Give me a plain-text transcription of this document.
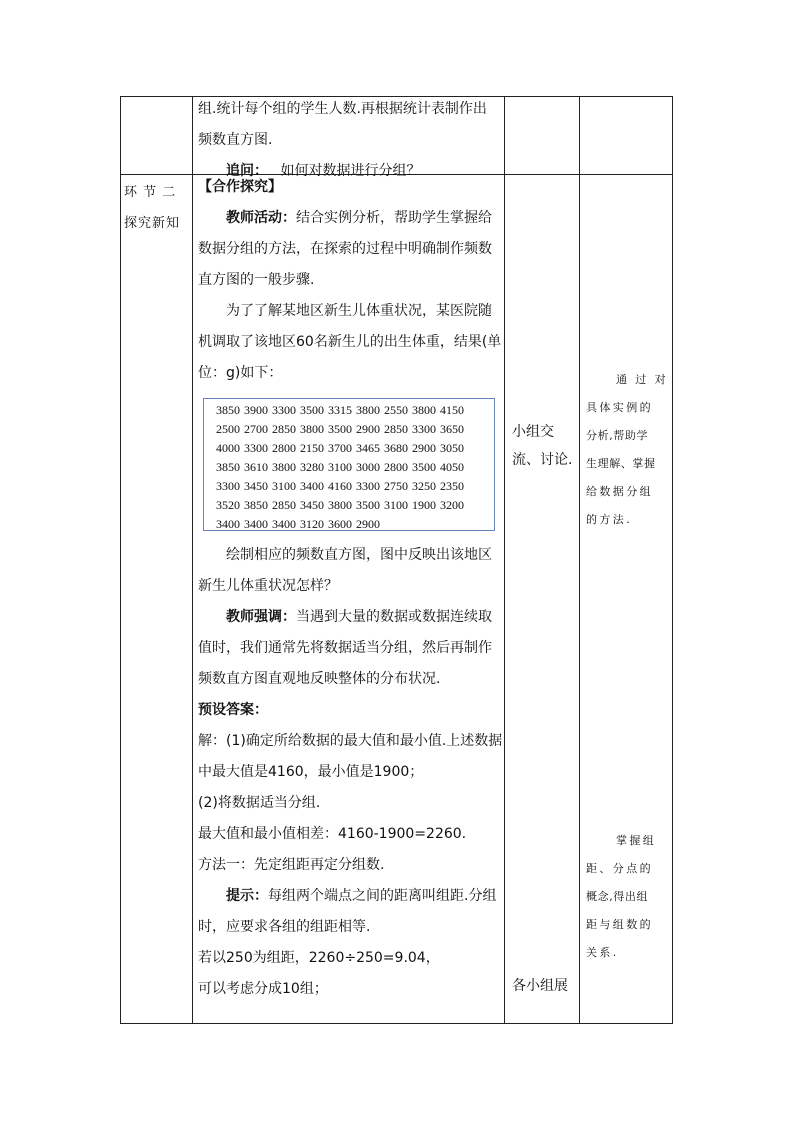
组.统计每个组的学生人数.再根据统计表制作出
频数直方图.
追问： 如何对数据进行分组？
环 节 二
探究新知
【合作探究】
教师活动：结合实例分析，帮助学生掌握给
数据分组的方法，在探索的过程中明确制作频数
直方图的一般步骤.
为了了解某地区新生儿体重状况，某医院随
机调取了该地区60名新生儿的出生体重，结果(单
位：g)如下：
3850 3900 3300 3500 3315 3800 2550 3800 4150
2500 2700 2850 3800 3500 2900 2850 3300 3650
4000 3300 2800 2150 3700 3465 3680 2900 3050
3850 3610 3800 3280 3100 3000 2800 3500 4050
3300 3450 3100 3400 4160 3300 2750 3250 2350
3520 3850 2850 3450 3800 3500 3100 1900 3200
3400 3400 3400 3120 3600 2900
绘制相应的频数直方图，图中反映出该地区
新生儿体重状况怎样？
教师强调：当遇到大量的数据或数据连续取
值时，我们通常先将数据适当分组，然后再制作
频数直方图直观地反映整体的分布状况.
预设答案：
解：(1)确定所给数据的最大值和最小值.上述数据
中最大值是4160，最小值是1900；
(2)将数据适当分组.
最大值和最小值相差：4160-1900=2260.
方法一：先定组距再定分组数.
提示：每组两个端点之间的距离叫组距.分组
时，应要求各组的组距相等.
若以250为组距，2260÷250=9.04，
可以考虑分成10组；
小组交
流、讨论.
各小组展
通 过 对
具体实例的
分析,帮助学
生理解、掌握
给数据分组
的方法.
掌握组
距、分点的
概念,得出组
距与组数的
关系.
